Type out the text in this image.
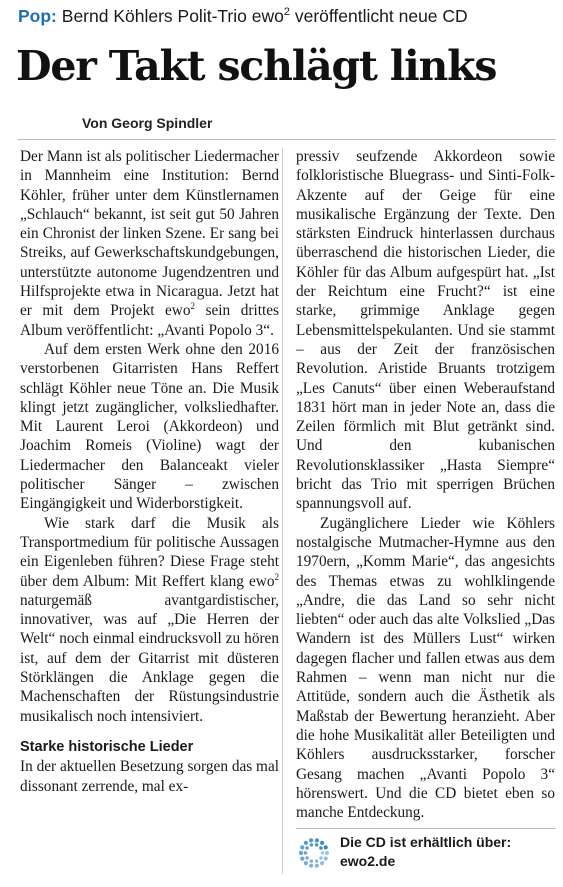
Pop: Bernd Köhlers Polit-Trio ewo$^2$ veröffentlicht neue CD
Der Takt schlägt links
Von Georg Spindler

Der Mann ist als politischer Liedermacher in Mannheim eine Institution: Bernd Köhler, früher unter dem Künstlernamen „Schlauch“ bekannt, ist seit gut 50 Jahren ein Chronist der linken Szene. Er sang bei Streiks, auf Gewerkschaftskundgebungen, unterstützte autonome Jugendzentren und Hilfsprojekte etwa in Nicaragua. Jetzt hat er mit dem Projekt ewo$^2$ sein drittes Album veröffentlicht: „Avanti Popolo 3“.

Auf dem ersten Werk ohne den 2016 verstorbenen Gitarristen Hans Reffert schlägt Köhler neue Töne an. Die Musik klingt jetzt zugänglicher, volksliedhafter. Mit Laurent Leroi (Akkordeon) und Joachim Romeis (Violine) wagt der Liedermacher den Balanceakt vieler politischer Sänger – zwischen Eingängigkeit und Widerborstigkeit.

Wie stark darf die Musik als Transportmedium für politische Aussagen ein Eigenleben führen? Diese Frage steht über dem Album: Mit Reffert klang ewo$^2$ naturgemäß avantgardistischer, innovativer, was auf „Die Herren der Welt“ noch einmal eindrucksvoll zu hören ist, auf dem der Gitarrist mit düsteren Störklängen die Anklage gegen die Machenschaften der Rüstungsindustrie musikalisch noch intensiviert.

Starke historische Lieder

In der aktuellen Besetzung sorgen das mal dissonant zerrende, mal ex-

pressiv seufzende Akkordeon sowie folkloristische Bluegrass- und Sinti-Folk-Akzente auf der Geige für eine musikalische Ergänzung der Texte. Den stärksten Eindruck hinterlassen durchaus überraschend die historischen Lieder, die Köhler für das Album aufgespürt hat. „Ist der Reichtum eine Frucht?“ ist eine starke, grimmige Anklage gegen Lebensmittelspekulanten. Und sie stammt – aus der Zeit der französischen Revolution. Aristide Bruants trotzigem „Les Canuts“ über einen Weberaufstand 1831 hört man in jeder Note an, dass die Zeilen förmlich mit Blut getränkt sind. Und den kubanischen Revolutionsklassiker „Hasta Siempre“ bricht das Trio mit sperrigen Brüchen spannungsvoll auf.

Zugänglichere Lieder wie Köhlers nostalgische Mutmacher-Hymne aus den 1970ern, „Komm Marie“, das angesichts des Themas etwas zu wohlklingende „Andre, die das Land so sehr nicht liebten“ oder auch das alte Volkslied „Das Wandern ist des Müllers Lust“ wirken dagegen flacher und fallen etwas aus dem Rahmen – wenn man nicht nur die Attitüde, sondern auch die Ästhetik als Maßstab der Bewertung heranzieht. Aber die hohe Musikalität aller Beteiligten und Köhlers ausdrucksstarker, forscher Gesang machen „Avanti Popolo 3“ hörenswert. Und die CD bietet eben so manche Entdeckung.

Die CD ist erhältlich über:
ewo2.de
